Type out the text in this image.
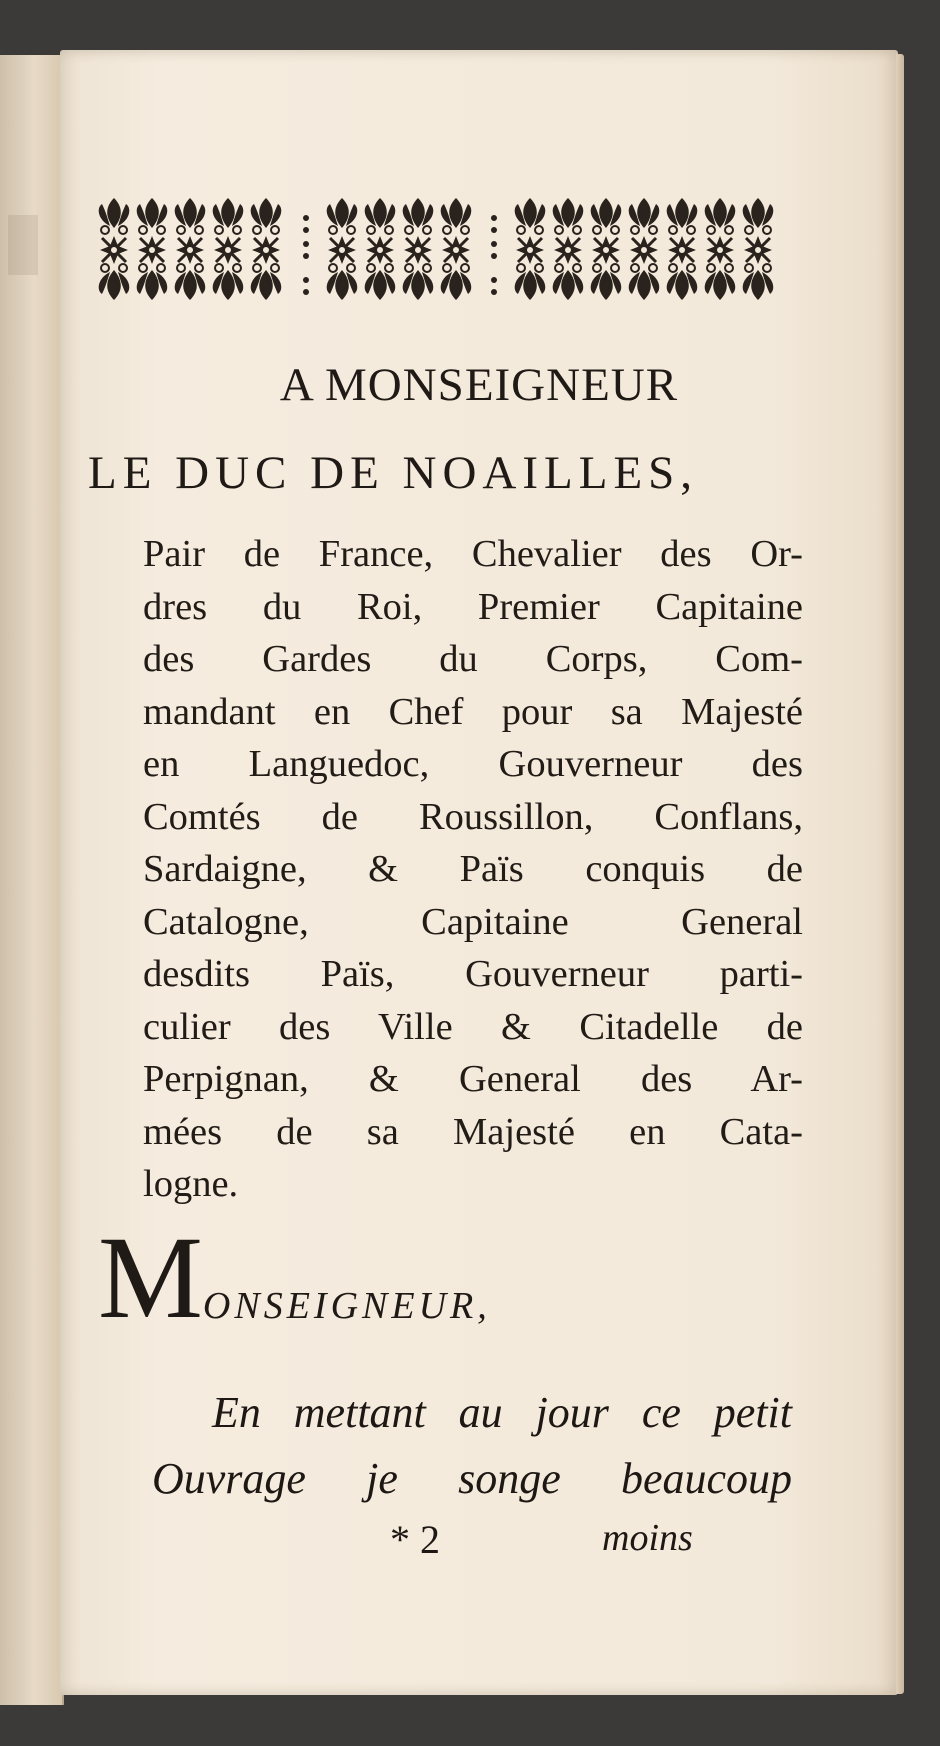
A MONSEIGNEUR
LE DUC DE NOAILLES,
Pair de France, Chevalier des Or-
dres du Roi, Premier Capitaine
des Gardes du Corps, Com-
mandant en Chef pour sa Majesté
en Languedoc, Gouverneur des
Comtés de Roussillon, Conflans,
Sardaigne, & Païs conquis de
Catalogne, Capitaine General
desdits Païs, Gouverneur parti-
culier des Ville & Citadelle de
Perpignan, & General des Ar-
mées de sa Majesté en Cata-
logne.
MONSEIGNEUR,
En mettant au jour ce petit
Ouvrage je songe beaucoup
* 2	moins
